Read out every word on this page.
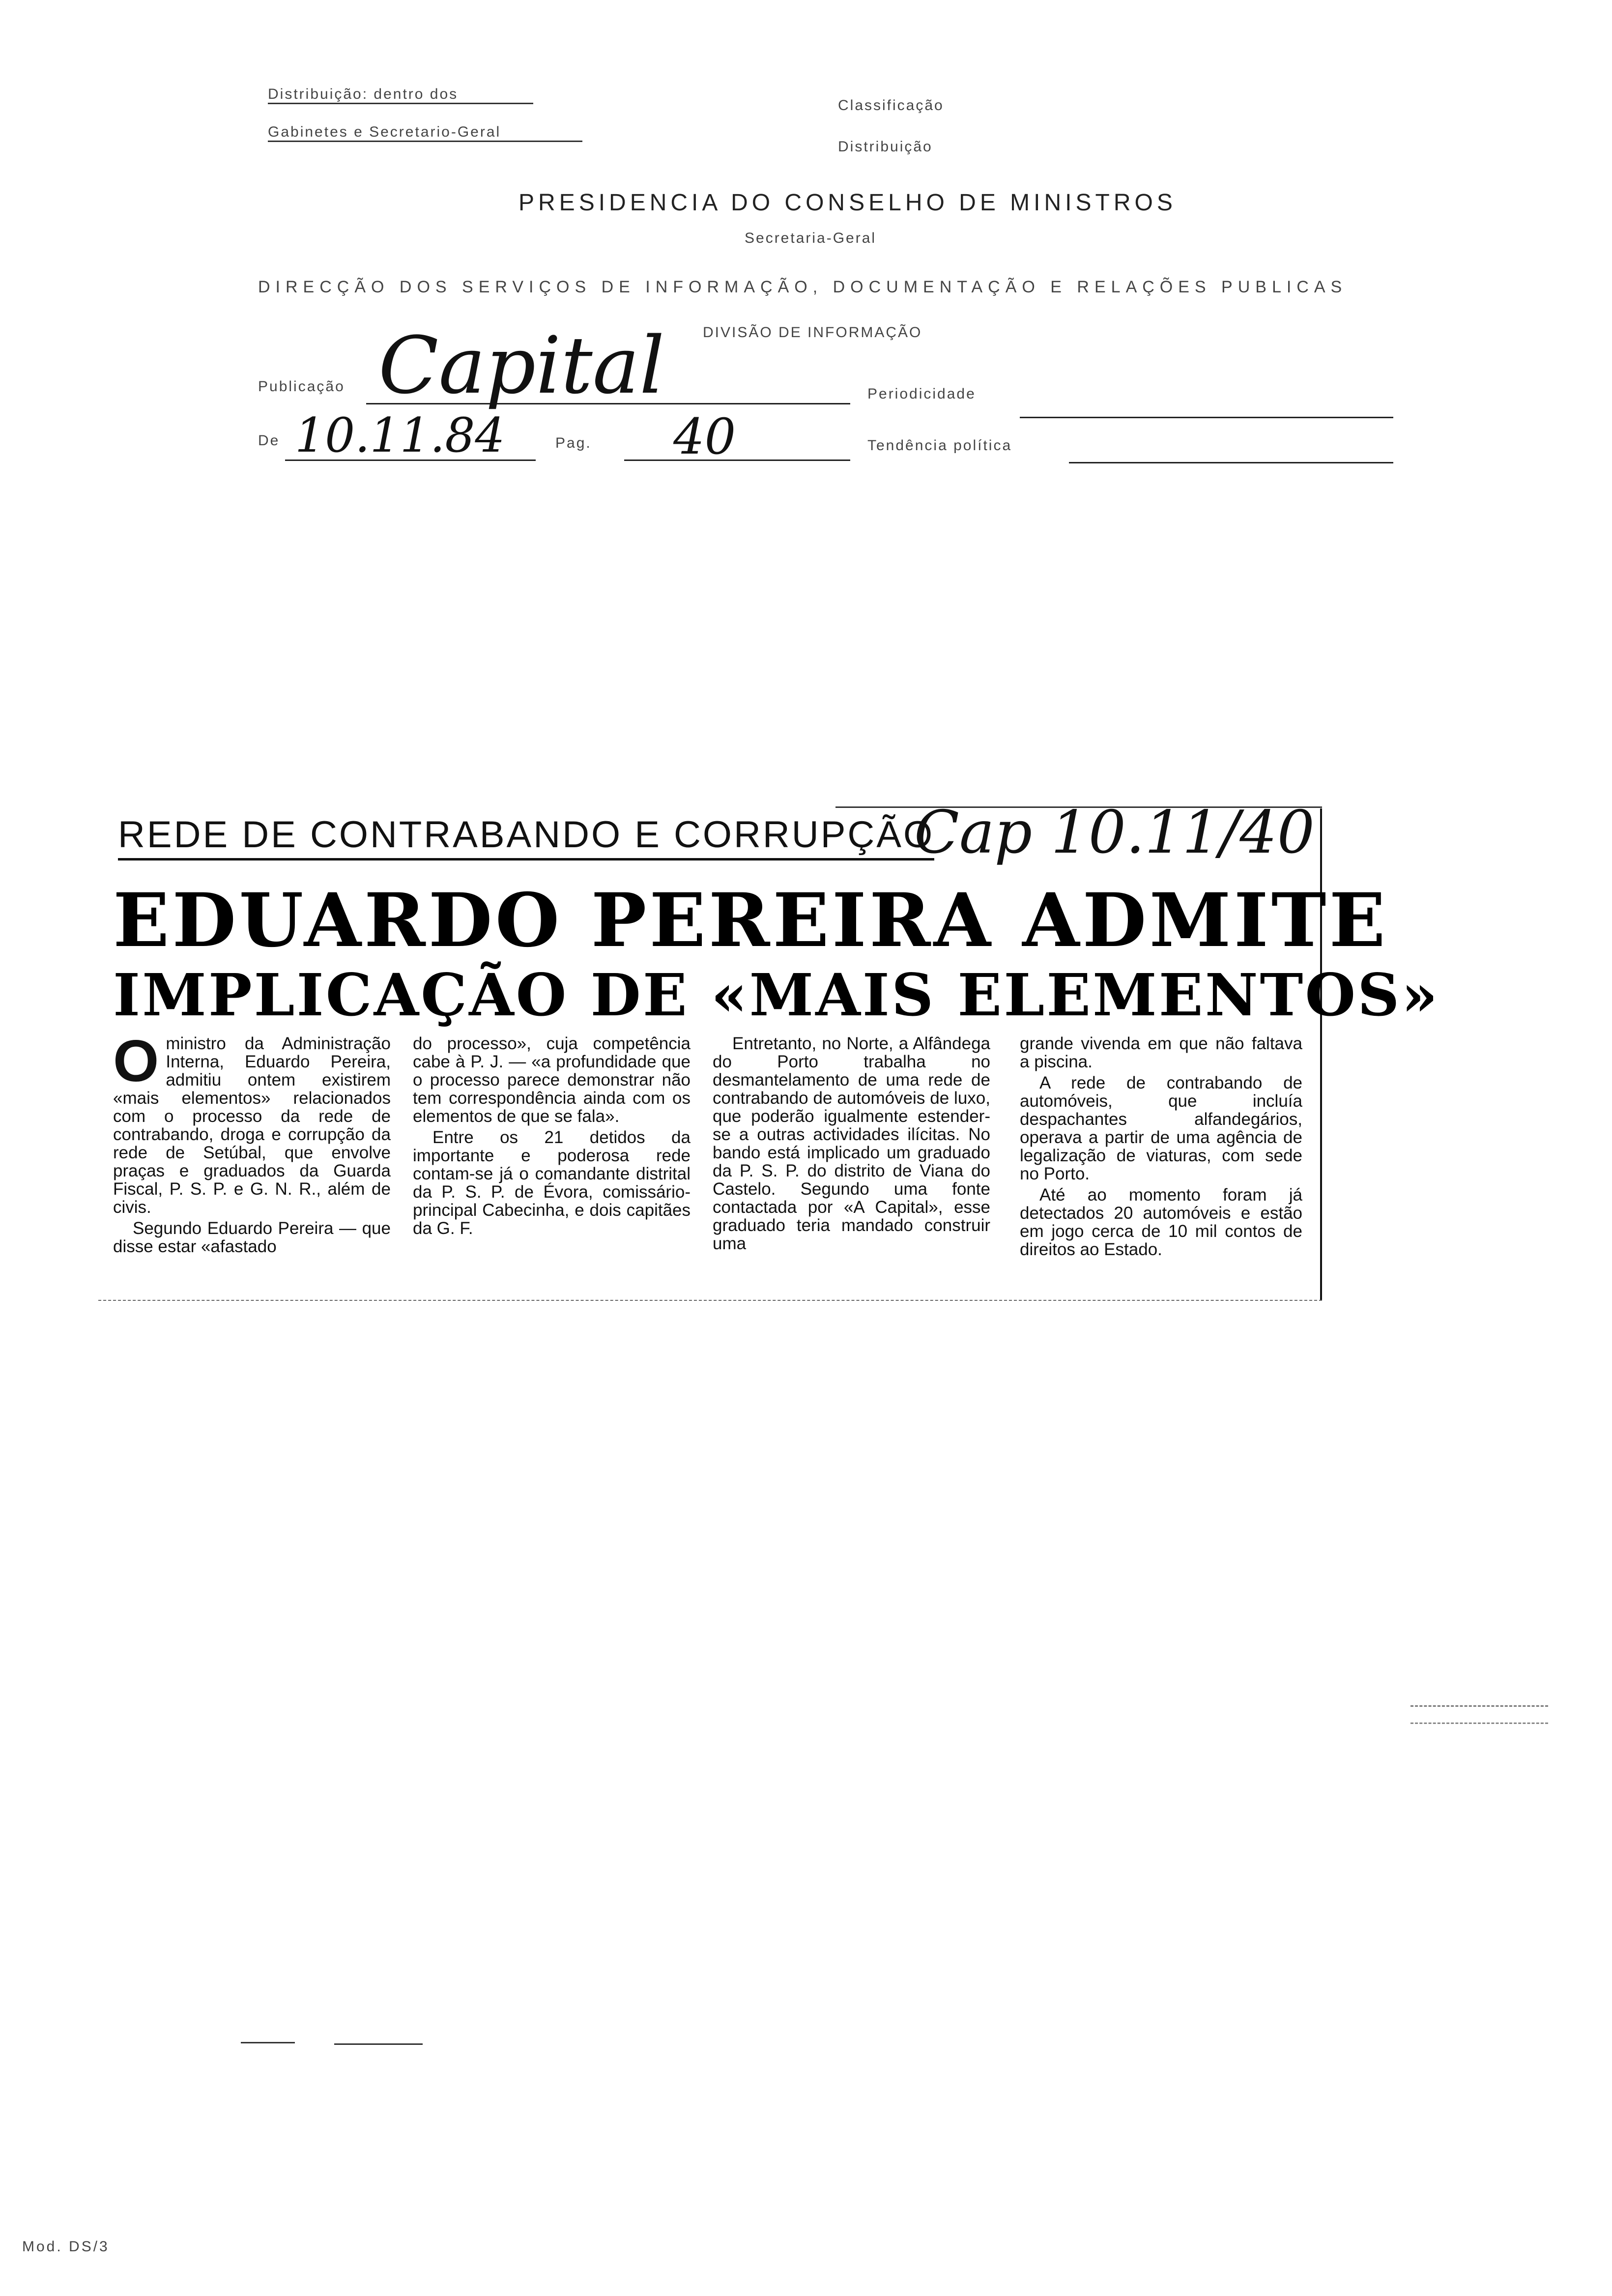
Distribuição: dentro dos
Gabinetes e Secretario-Geral
Classificação
Distribuição
PRESIDENCIA DO CONSELHO DE MINISTROS
Secretaria-Geral
DIRECÇÃO DOS SERVIÇOS DE INFORMAÇÃO, DOCUMENTAÇÃO E RELAÇÕES PUBLICAS
DIVISÃO DE INFORMAÇÃO
Publicação Capital	Periodicidade
De 10.11.84	Pag. 40	Tendência política
REDE DE CONTRABANDO E CORRUPÇÃO
Cap 10.11/40
EDUARDO PEREIRA ADMITE
IMPLICAÇÃO DE «MAIS ELEMENTOS»

Oministro da Administração Interna, Eduardo Pereira, admitiu ontem existirem «mais elementos» relacionados com o processo da rede de contrabando, droga e corrupção da rede de Setúbal, que envolve praças e graduados da Guarda Fiscal, P. S. P. e G. N. R., além de civis.

Segundo Eduardo Pereira — que disse estar «afastado

do processo», cuja competência cabe à P. J. — «a profundidade que o processo parece demonstrar não tem correspondência ainda com os elementos de que se fala».

Entre os 21 detidos da importante e poderosa rede contam-se já o comandante distrital da P. S. P. de Évora, comissário-principal Cabecinha, e dois capitães da G. F.

Entretanto, no Norte, a Alfândega do Porto trabalha no desmantelamento de uma rede de contrabando de automóveis de luxo, que poderão igualmente estender-se a outras actividades ilícitas. No bando está implicado um graduado da P. S. P. do distrito de Viana do Castelo. Segundo uma fonte contactada por «A Capital», esse graduado teria mandado construir uma

grande vivenda em que não faltava a piscina.

A rede de contrabando de automóveis, que incluía despachantes alfandegários, operava a partir de uma agência de legalização de viaturas, com sede no Porto.

Até ao momento foram já detectados 20 automóveis e estão em jogo cerca de 10 mil contos de direitos ao Estado.

Mod. DS/3
